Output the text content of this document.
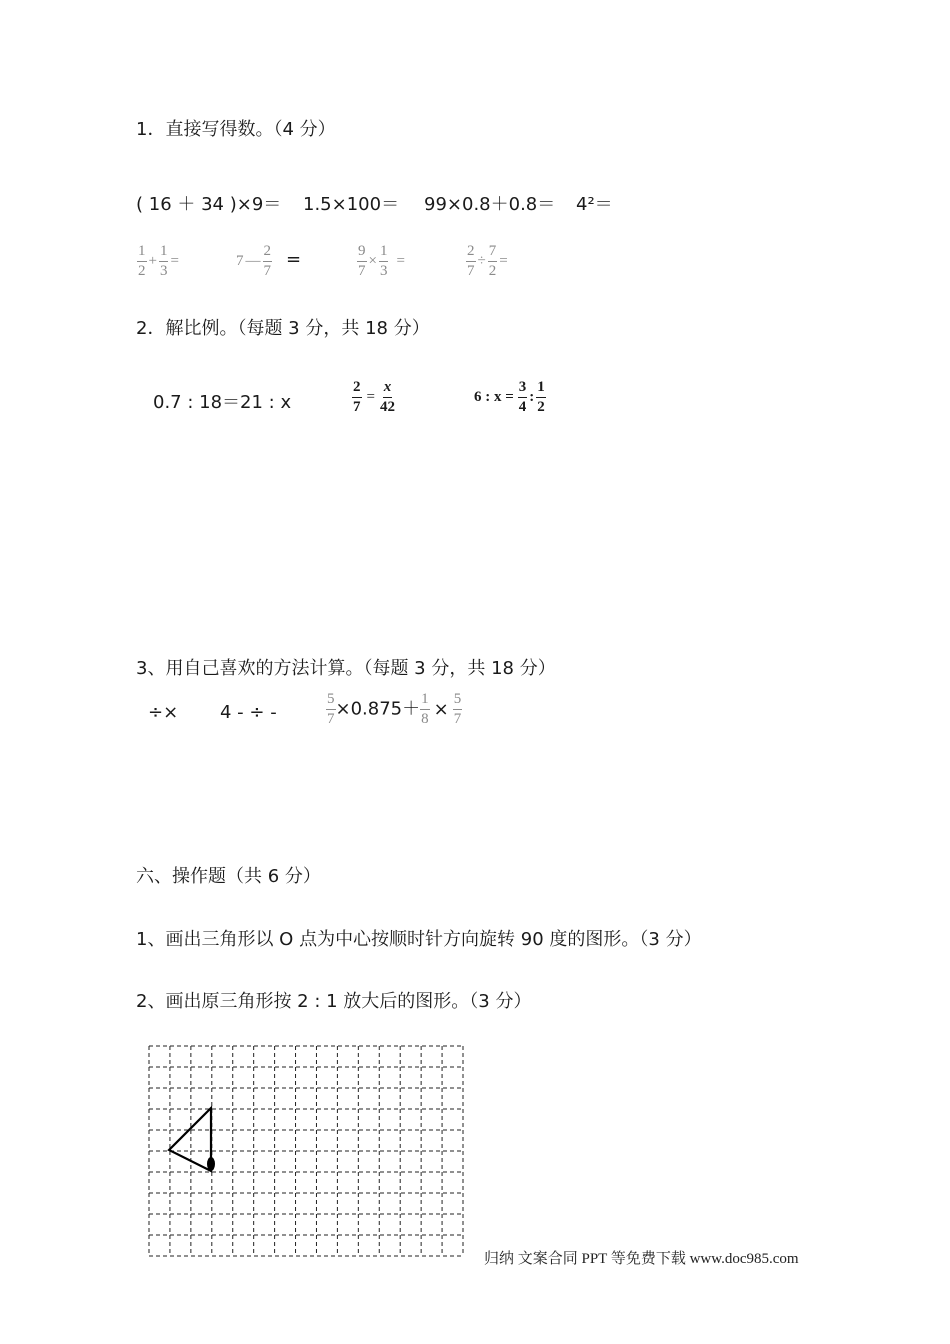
1．直接写得数。（4 分）
( 16 ＋ 34 )×9＝ 1.5×100＝ 99×0.8＋0.8＝ 4²＝
$\frac{1}{2} + \frac{1}{3}$ =	7 — $\frac{2}{7}$ =	$\frac{9}{7} \times \frac{1}{3}$ =	$\frac{2}{7} \div \frac{7}{2}$ =
2．解比例。（每题 3 分，共 18 分）
0.7 : 18＝21 : x	$\frac{2}{7} = \frac{x}{42}$	6 : $x = \frac{3}{4}$ : $\frac{1}{2}$
3、用自己喜欢的方法计算。（每题 3 分，共 18 分）
÷× 4 - ÷ -	$\frac{5}{7} \times 0.875+ \frac{1}{8} \times \frac{5}{7}$
六、操作题（共 6 分）
1、画出三角形以 O 点为中心按顺时针方向旋转 90 度的图形。（3 分）
2、画出原三角形按 2 : 1 放大后的图形。（3 分）
归纳 文案合同 PPT 等免费下载 www.doc985.com
